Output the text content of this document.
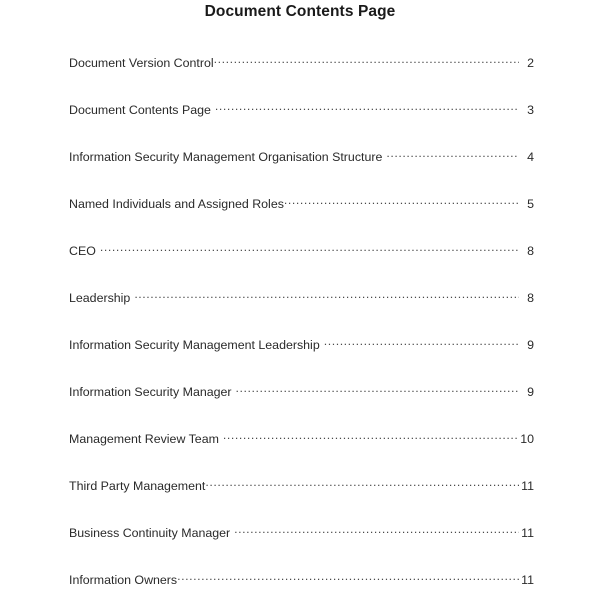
Document Contents Page
Document Version Control .....	2
Document Contents Page .....	3
Information Security Management Organisation Structure .....	4
Named Individuals and Assigned Roles .....	5
CEO .....	8
Leadership .....	8
Information Security Management Leadership .....	9
Information Security Manager .....	9
Management Review Team .....	10
Third Party Management .....	11
Business Continuity Manager .....	11
Information Owners .....	11
